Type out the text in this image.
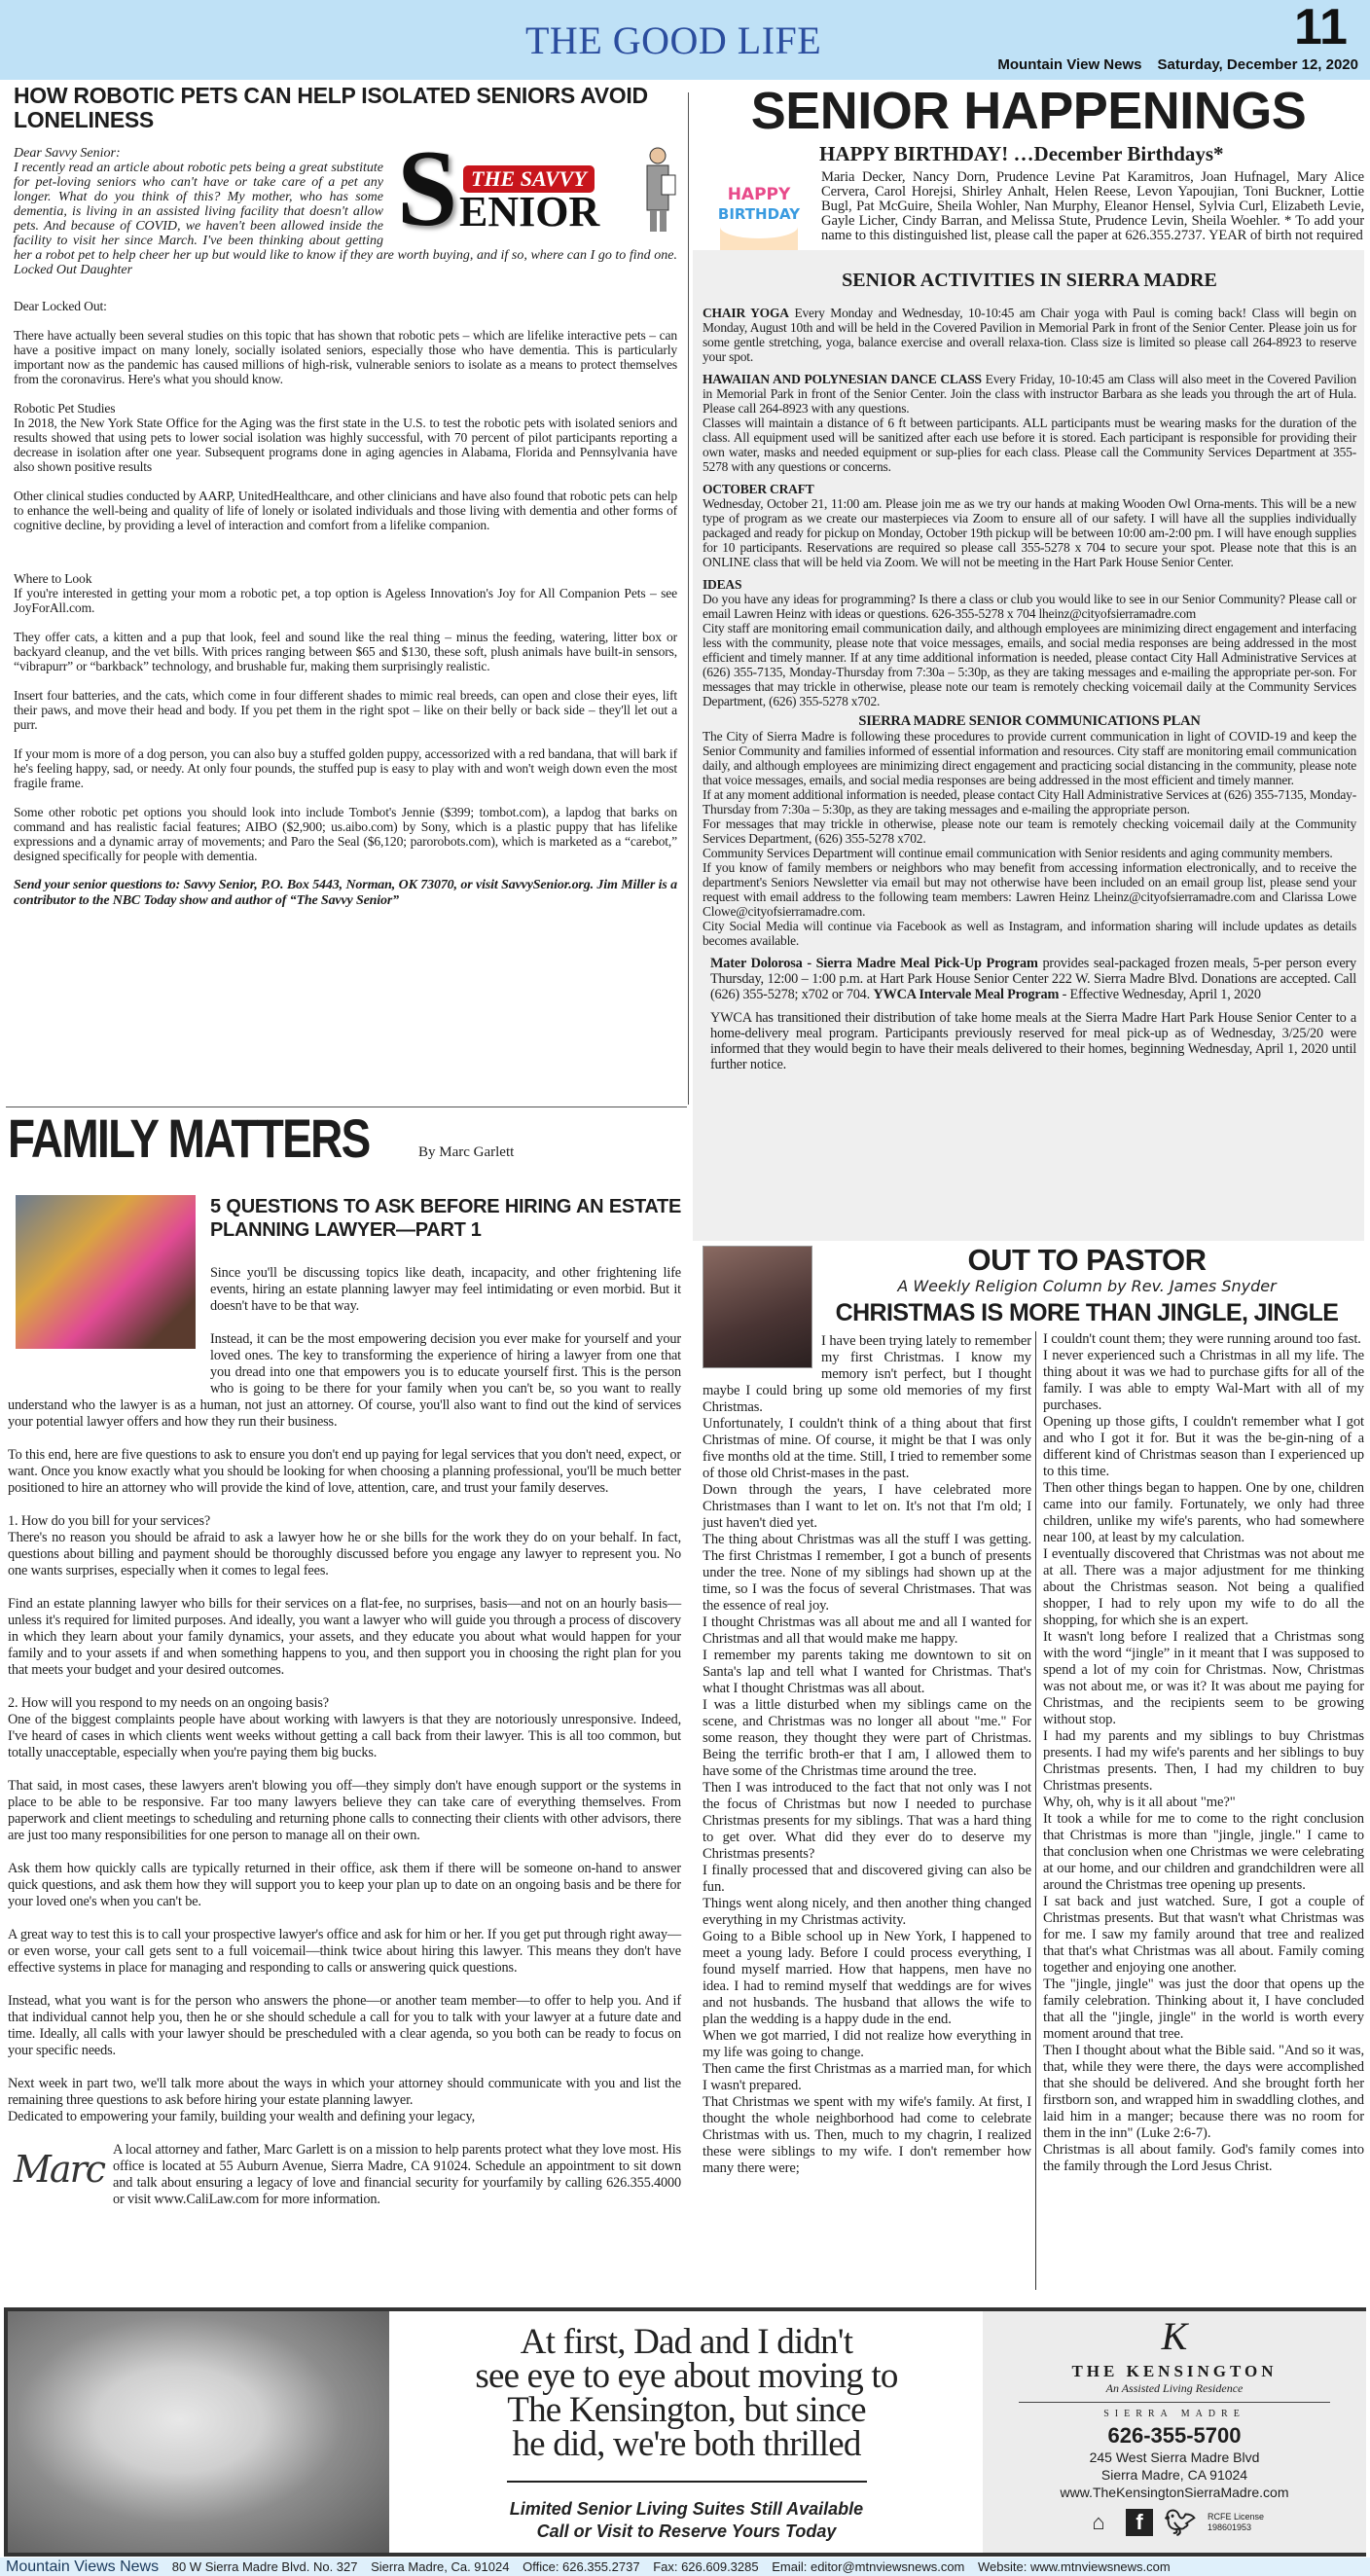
THE GOOD LIFE	11
Mountain View News Saturday, December 12, 2020
HOW ROBOTIC PETS CAN HELP ISOLATED SENIORS AVOID LONELINESS
S THE SAVVY
ENIOR
Dear Savvy Senior:
I recently read an article about robotic pets being a great substitute for pet-loving seniors who can't have or take care of a pet any longer. What do you think of this? My mother, who has some dementia, is living in an assisted living facility that doesn't allow pets. And because of COVID, we haven't been allowed inside the facility to visit her since March. I've been thinking about getting her a robot pet to help cheer her up but would like to know if they are worth buying, and if so, where can I go to find one. Locked Out Daughter

Dear Locked Out:

There have actually been several studies on this topic that has shown that robotic pets – which are lifelike interactive pets – can have a positive impact on many lonely, socially isolated seniors, especially those who have dementia. This is particularly important now as the pandemic has caused millions of high-risk, vulnerable seniors to isolate as a means to protect themselves from the coronavirus. Here's what you should know.

Robotic Pet Studies
In 2018, the New York State Office for the Aging was the first state in the U.S. to test the robotic pets with isolated seniors and results showed that using pets to lower social isolation was highly successful, with 70 percent of pilot participants reporting a decrease in isolation after one year. Subsequent programs done in aging agencies in Alabama, Florida and Pennsylvania have also shown positive results

Other clinical studies conducted by AARP, UnitedHealthcare, and other clinicians and have also found that robotic pets can help to enhance the well-being and quality of life of lonely or isolated individuals and those living with dementia and other forms of cognitive decline, by providing a level of interaction and comfort from a lifelike companion.

Where to Look
If you're interested in getting your mom a robotic pet, a top option is Ageless Innovation's Joy for All Companion Pets – see JoyForAll.com.

They offer cats, a kitten and a pup that look, feel and sound like the real thing – minus the feeding, watering, litter box or backyard cleanup, and the vet bills. With prices ranging between $65 and $130, these soft, plush animals have built-in sensors, “vibrapurr” or “barkback” technology, and brushable fur, making them surprisingly realistic.

Insert four batteries, and the cats, which come in four different shades to mimic real breeds, can open and close their eyes, lift their paws, and move their head and body. If you pet them in the right spot – like on their belly or back side – they'll let out a purr.

If your mom is more of a dog person, you can also buy a stuffed golden puppy, accessorized with a red bandana, that will bark if he's feeling happy, sad, or needy. At only four pounds, the stuffed pup is easy to play with and won't weigh down even the most fragile frame.

Some other robotic pet options you should look into include Tombot's Jennie ($399; tombot.com), a lapdog that barks on command and has realistic facial features; AIBO ($2,900; us.aibo.com) by Sony, which is a plastic puppy that has lifelike expressions and a dynamic array of movements; and Paro the Seal ($6,120; parorobots.com), which is marketed as a “carebot,” designed specifically for people with dementia.

Send your senior questions to: Savvy Senior, P.O. Box 5443, Norman, OK 73070, or visit SavvySenior.org. Jim Miller is a contributor to the NBC Today show and author of “The Savvy Senior”
FAMILY MATTERS	By Marc Garlett
5 QUESTIONS TO ASK BEFORE HIRING AN ESTATE PLANNING LAWYER—PART 1

Since you'll be discussing topics like death, incapacity, and other frightening life events, hiring an estate planning lawyer may feel intimidating or even morbid. But it doesn't have to be that way.

Instead, it can be the most empowering decision you ever make for yourself and your loved ones. The key to transforming the experience of hiring a lawyer from one that you dread into one that empowers you is to educate yourself first. This is the person who is going to be there for your family when you can't be, so you want to really understand who the lawyer is as a human, not just an attorney. Of course, you'll also want to find out the kind of services your potential lawyer offers and how they run their business.

To this end, here are five questions to ask to ensure you don't end up paying for legal services that you don't need, expect, or want. Once you know exactly what you should be looking for when choosing a planning professional, you'll be much better positioned to hire an attorney who will provide the kind of love, attention, care, and trust your family deserves.

1. How do you bill for your services?
There's no reason you should be afraid to ask a lawyer how he or she bills for the work they do on your behalf. In fact, questions about billing and payment should be thoroughly discussed before you engage any lawyer to represent you. No one wants surprises, especially when it comes to legal fees.

Find an estate planning lawyer who bills for their services on a flat-fee, no surprises, basis—and not on an hourly basis—unless it's required for limited purposes. And ideally, you want a lawyer who will guide you through a process of discovery in which they learn about your family dynamics, your assets, and they educate you about what would happen for your family and to your assets if and when something happens to you, and then support you in choosing the right plan for you that meets your budget and your desired outcomes.

2. How will you respond to my needs on an ongoing basis?
One of the biggest complaints people have about working with lawyers is that they are notoriously unresponsive. Indeed, I've heard of cases in which clients went weeks without getting a call back from their lawyer. This is all too common, but totally unacceptable, especially when you're paying them big bucks.

That said, in most cases, these lawyers aren't blowing you off—they simply don't have enough support or the systems in place to be able to be responsive. Far too many lawyers believe they can take care of everything themselves. From paperwork and client meetings to scheduling and returning phone calls to connecting their clients with other advisors, there are just too many responsibilities for one person to manage all on their own.

Ask them how quickly calls are typically returned in their office, ask them if there will be someone on-hand to answer quick questions, and ask them how they will support you to keep your plan up to date on an ongoing basis and be there for your loved one's when you can't be.

A great way to test this is to call your prospective lawyer's office and ask for him or her. If you get put through right away—or even worse, your call gets sent to a full voicemail—think twice about hiring this lawyer. This means they don't have effective systems in place for managing and responding to calls or answering quick questions.

Instead, what you want is for the person who answers the phone—or another team member—to offer to help you. And if that individual cannot help you, then he or she should schedule a call for you to talk with your lawyer at a future date and time. Ideally, all calls with your lawyer should be prescheduled with a clear agenda, so you both can be ready to focus on your specific needs.

Next week in part two, we'll talk more about the ways in which your attorney should communicate with you and list the remaining three questions to ask before hiring your estate planning lawyer.
Dedicated to empowering your family, building your wealth and defining your legacy,

Marc A local attorney and father, Marc Garlett is on a mission to help parents protect what they love most. His office is located at 55 Auburn Avenue, Sierra Madre, CA 91024. Schedule an appointment to sit down and talk about ensuring a legacy of love and financial security for yourfamily by calling 626.355.4000 or visit www.CaliLaw.com for more information.
SENIOR HAPPENINGS
HAPPY BIRTHDAY! …December Birthdays*
HAPPY
BIRTHDAY
Maria Decker, Nancy Dorn, Prudence Levine Pat Karamitros, Joan Hufnagel, Mary Alice Cervera, Carol Horejsi, Shirley Anhalt, Helen Reese, Levon Yapoujian, Toni Buckner, Lottie Bugl, Pat McGuire, Sheila Wohler, Nan Murphy, Eleanor Hensel, Sylvia Curl, Elizabeth Levie, Gayle Licher, Cindy Barran, and Melissa Stute, Prudence Levin, Sheila Woehler. * To add your name to this distinguished list, please call the paper at 626.355.2737. YEAR of birth not required
SENIOR ACTIVITIES IN SIERRA MADRE

CHAIR YOGA Every Monday and Wednesday, 10-10:45 am Chair yoga with Paul is coming back! Class will begin on Monday, August 10th and will be held in the Covered Pavilion in Memorial Park in front of the Senior Center. Please join us for some gentle stretching, yoga, balance exercise and overall relaxa-tion. Class size is limited so please call 264-8923 to reserve your spot.

HAWAIIAN AND POLYNESIAN DANCE CLASS Every Friday, 10-10:45 am Class will also meet in the Covered Pavilion in Memorial Park in front of the Senior Center. Join the class with instructor Barbara as she leads you through the art of Hula. Please call 264-8923 with any questions.
Classes will maintain a distance of 6 ft between participants. ALL participants must be wearing masks for the duration of the class. All equipment used will be sanitized after each use before it is stored. Each participant is responsible for providing their own water, masks and needed equipment or sup-plies for each class. Please call the Community Services Department at 355-5278 with any questions or concerns.

OCTOBER CRAFT
Wednesday, October 21, 11:00 am. Please join me as we try our hands at making Wooden Owl Orna-ments. This will be a new type of program as we create our masterpieces via Zoom to ensure all of our safety. I will have all the supplies individually packaged and ready for pickup on Monday, October 19th pickup will be between 10:00 am-2:00 pm. I will have enough supplies for 10 participants. Reservations are required so please call 355-5278 x 704 to secure your spot. Please note that this is an ONLINE class that will be held via Zoom. We will not be meeting in the Hart Park House Senior Center.

IDEAS
Do you have any ideas for programming? Is there a class or club you would like to see in our Senior Community? Please call or email Lawren Heinz with ideas or questions. 626-355-5278 x 704 lheinz@cityofsierramadre.com
City staff are monitoring email communication daily, and although employees are minimizing direct engagement and interfacing less with the community, please note that voice messages, emails, and social media responses are being addressed in the most efficient and timely manner. If at any time additional information is needed, please contact City Hall Administrative Services at (626) 355-7135, Monday-Thursday from 7:30a – 5:30p, as they are taking messages and e-mailing the appropriate per-son. For messages that may trickle in otherwise, please note our team is remotely checking voicemail daily at the Community Services Department, (626) 355-5278 x702.

SIERRA MADRE SENIOR COMMUNICATIONS PLAN
The City of Sierra Madre is following these procedures to provide current communication in light of COVID-19 and keep the Senior Community and families informed of essential information and resources. City staff are monitoring email communication daily, and although employees are minimizing direct engagement and practicing social distancing in the community, please note that voice messages, emails, and social media responses are being addressed in the most efficient and timely manner.
If at any moment additional information is needed, please contact City Hall Administrative Services at (626) 355-7135, Monday-Thursday from 7:30a – 5:30p, as they are taking messages and e-mailing the appropriate person.
For messages that may trickle in otherwise, please note our team is remotely checking voicemail daily at the Community Services Department, (626) 355-5278 x702.
Community Services Department will continue email communication with Senior residents and aging community members.
If you know of family members or neighbors who may benefit from accessing information electronically, and to receive the department's Seniors Newsletter via email but may not otherwise have been included on an email group list, please send your request with email address to the following team members: Lawren Heinz Lheinz@cityofsierramadre.com and Clarissa Lowe Clowe@cityofsierramadre.com.

City Social Media will continue via Facebook as well as Instagram, and information sharing will include updates as details becomes available.

Mater Dolorosa - Sierra Madre Meal Pick-Up Program provides seal-packaged frozen meals, 5-per person every Thursday, 12:00 – 1:00 p.m. at Hart Park House Senior Center 222 W. Sierra Madre Blvd. Donations are accepted. Call (626) 355-5278; x702 or 704. YWCA Intervale Meal Program - Effective Wednesday, April 1, 2020

YWCA has transitioned their distribution of take home meals at the Sierra Madre Hart Park House Senior Center to a home-delivery meal program. Participants previously reserved for meal pick-up as of Wednesday, 3/25/20 were informed that they would begin to have their meals delivered to their homes, beginning Wednesday, April 1, 2020 until further notice.

OUT TO PASTOR
A Weekly Religion Column by Rev. James Snyder
CHRISTMAS IS MORE THAN JINGLE, JINGLE
I have been trying lately to remember my first Christmas. I know my memory isn't perfect, but I thought maybe I could bring up some old memories of my first Christmas.
Unfortunately, I couldn't think of a thing about that first Christmas of mine. Of course, it might be that I was only five months old at the time. Still, I tried to remember some of those old Christ-mases in the past.
Down through the years, I have celebrated more Christmases than I want to let on. It's not that I'm old; I just haven't died yet.
The thing about Christmas was all the stuff I was getting. The first Christmas I remember, I got a bunch of presents under the tree. None of my siblings had shown up at the time, so I was the focus of several Christmases. That was the essence of real joy.
I thought Christmas was all about me and all I wanted for Christmas and all that would make me happy.
I remember my parents taking me downtown to sit on Santa's lap and tell what I wanted for Christmas. That's what I thought Christmas was all about.
I was a little disturbed when my siblings came on the scene, and Christmas was no longer all about "me." For some reason, they thought they were part of Christmas. Being the terrific broth-er that I am, I allowed them to have some of the Christmas time around the tree.
Then I was introduced to the fact that not only was I not the focus of Christmas but now I needed to purchase Christmas presents for my siblings. That was a hard thing to get over. What did they ever do to deserve my Christmas presents?
I finally processed that and discovered giving can also be fun.
Things went along nicely, and then another thing changed everything in my Christmas activity.
Going to a Bible school up in New York, I happened to meet a young lady. Before I could process everything, I found myself married. How that happens, men have no idea. I had to remind myself that weddings are for wives and not husbands. The husband that allows the wife to plan the wedding is a happy dude in the end.
When we got married, I did not realize how everything in my life was going to change.
Then came the first Christmas as a married man, for which I wasn't prepared.
That Christmas we spent with my wife's family. At first, I thought the whole neighborhood had come to celebrate Christmas with us. Then, much to my chagrin, I realized these were siblings to my wife. I don't remember how many there were;
I couldn't count them; they were running around too fast.
I never experienced such a Christmas in all my life. The thing about it was we had to purchase gifts for all of the family. I was able to empty Wal-Mart with all of my purchases.
Opening up those gifts, I couldn't remember what I got and who I got it for. But it was the be-gin-ning of a different kind of Christmas season than I experienced up to this time.
Then other things began to happen. One by one, children came into our family. Fortunately, we only had three children, unlike my wife's parents, who had somewhere near 100, at least by my calculation.
I eventually discovered that Christmas was not about me at all. There was a major adjustment for me thinking about the Christmas season. Not being a qualified shopper, I had to rely upon my wife to do all the shopping, for which she is an expert.
It wasn't long before I realized that a Christmas song with the word “jingle” in it meant that I was supposed to spend a lot of my coin for Christmas. Now, Christmas was not about me, or was it? It was about me paying for Christmas, and the recipients seem to be growing without stop.
I had my parents and my siblings to buy Christmas presents. I had my wife's parents and her siblings to buy Christmas presents. Then, I had my children to buy Christmas presents.
Why, oh, why is it all about "me?"
It took a while for me to come to the right conclusion that Christmas is more than "jingle, jingle." I came to that conclusion when one Christmas we were celebrating at our home, and our children and grandchildren were all around the Christmas tree opening up presents.
I sat back and just watched. Sure, I got a couple of Christmas presents. But that wasn't what Christmas was for me. I saw my family around that tree and realized that that's what Christmas was all about. Family coming together and enjoying one another.
The "jingle, jingle" was just the door that opens up the family celebration. Thinking about it, I have concluded that all the "jingle, jingle" in the world is worth every moment around that tree.
Then I thought about what the Bible said. "And so it was, that, while they were there, the days were accomplished that she should be delivered. And she brought forth her firstborn son, and wrapped him in swaddling clothes, and laid him in a manger; because there was no room for them in the inn" (Luke 2:6-7).
Christmas is all about family. God's family comes into the family through the Lord Jesus Christ.
At first, Dad and I didn't
see eye to eye about moving to
The Kensington, but since
he did, we're both thrilled
Limited Senior Living Suites Still Available
Call or Visit to Reserve Yours Today
K
THE KENSINGTON
An Assisted Living Residence
SIERRA MADRE
626-355-5700
245 West Sierra Madre Blvd
Sierra Madre, CA 91024
www.TheKensingtonSierraMadre.com
⌂	f 🐦︎ RCFE License
198601953
Mountain Views News 80 W Sierra Madre Blvd. No. 327 Sierra Madre, Ca. 91024 Office: 626.355.2737 Fax: 626.609.3285 Email: editor@mtnviewsnews.com Website: www.mtnviewsnews.com
